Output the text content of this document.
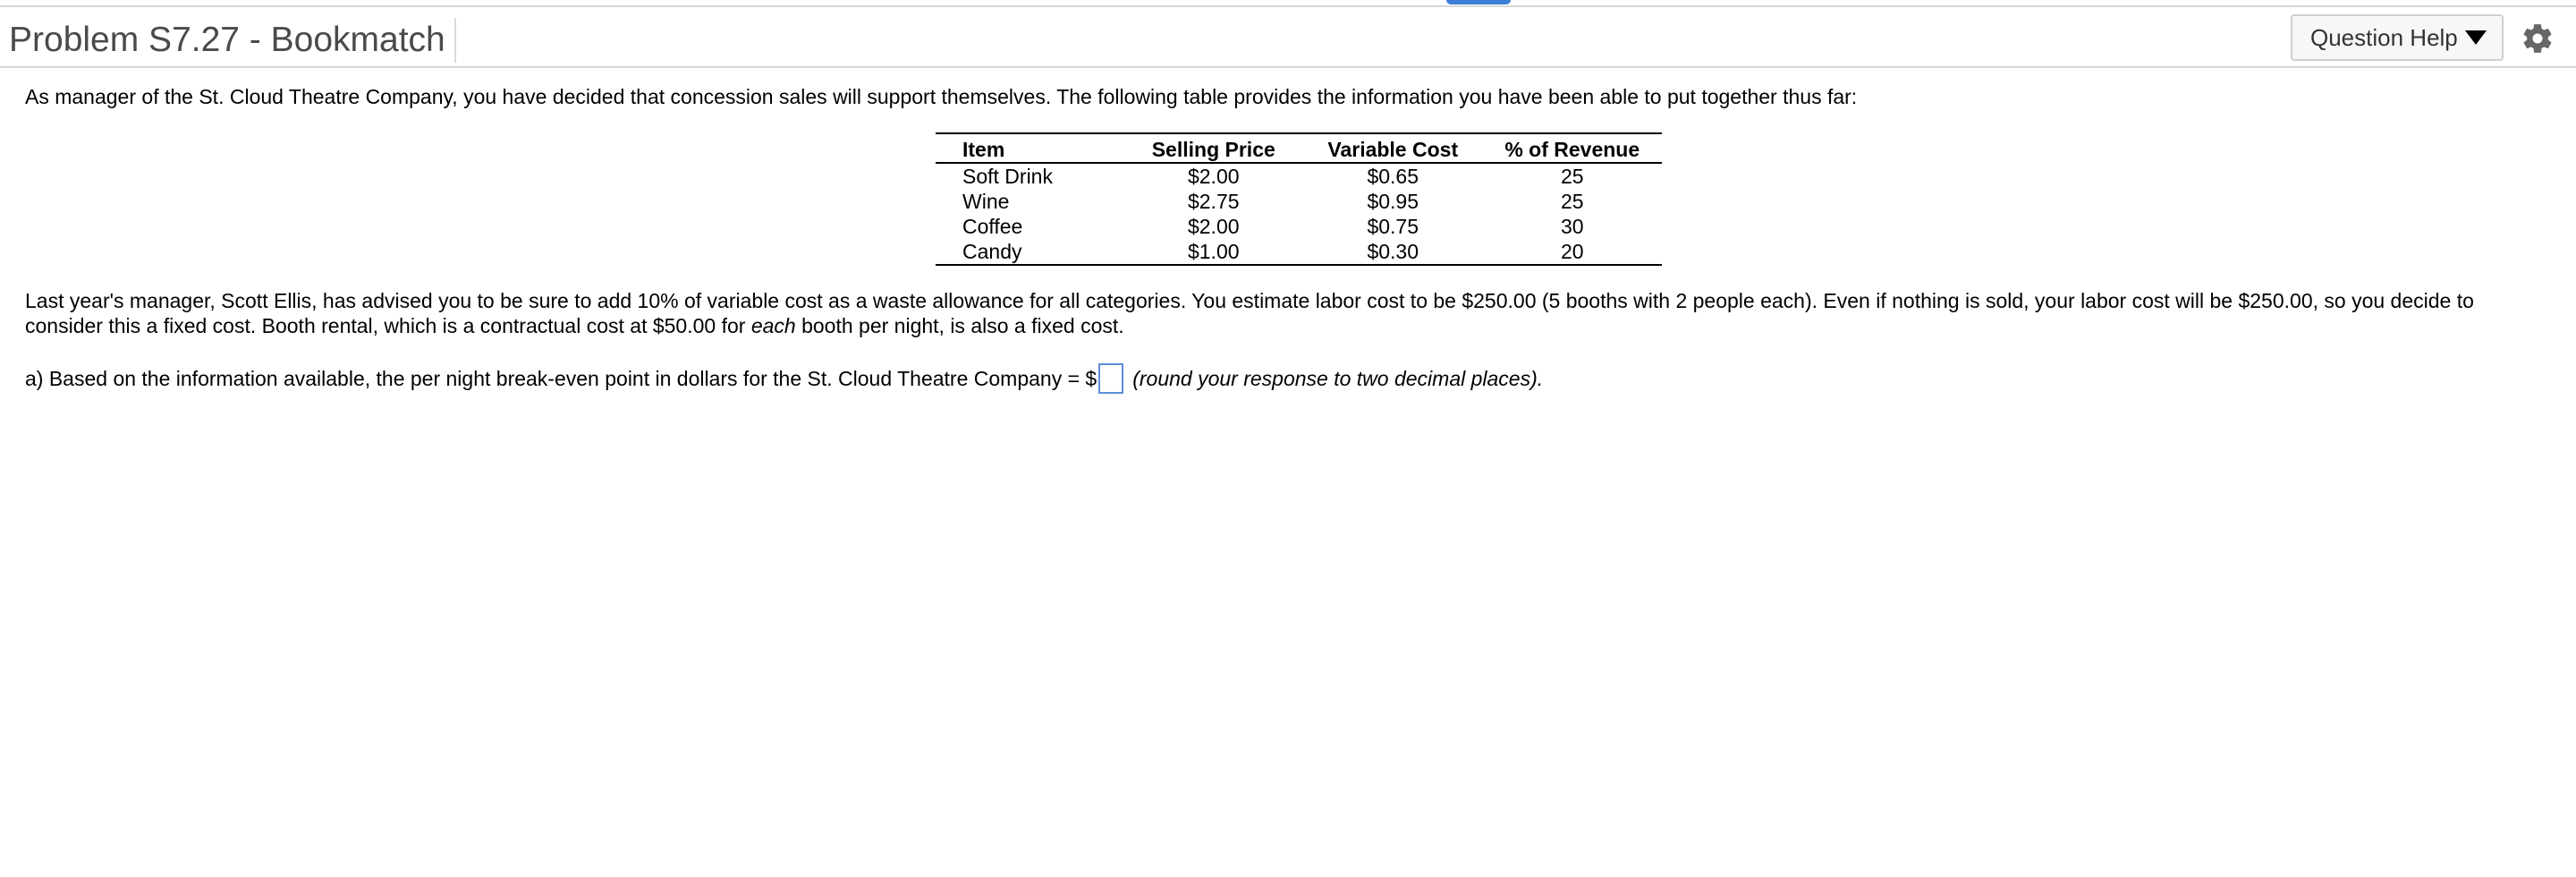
Problem S7.27 - Bookmatch	Question Help
As manager of the St. Cloud Theatre Company, you have decided that concession sales will support themselves. The following table provides the information you have been able to put together thus far:
Item	Selling Price	Variable Cost	% of Revenue
Soft Drink	$2.00	$0.65	25
Wine	$2.75	$0.95	25
Coffee	$2.00	$0.75	30
Candy	$1.00	$0.30	20
Last year's manager, Scott Ellis, has advised you to be sure to add 10% of variable cost as a waste allowance for all categories. You estimate labor cost to be $250.00 (5 booths with 2 people each). Even if nothing is sold, your labor cost will be $250.00, so you decide to consider this a fixed cost. Booth rental, which is a contractual cost at $50.00 for each booth per night, is also a fixed cost.
a) Based on the information available, the per night break-even point in dollars for the St. Cloud Theatre Company = $ (round your response to two decimal places).
